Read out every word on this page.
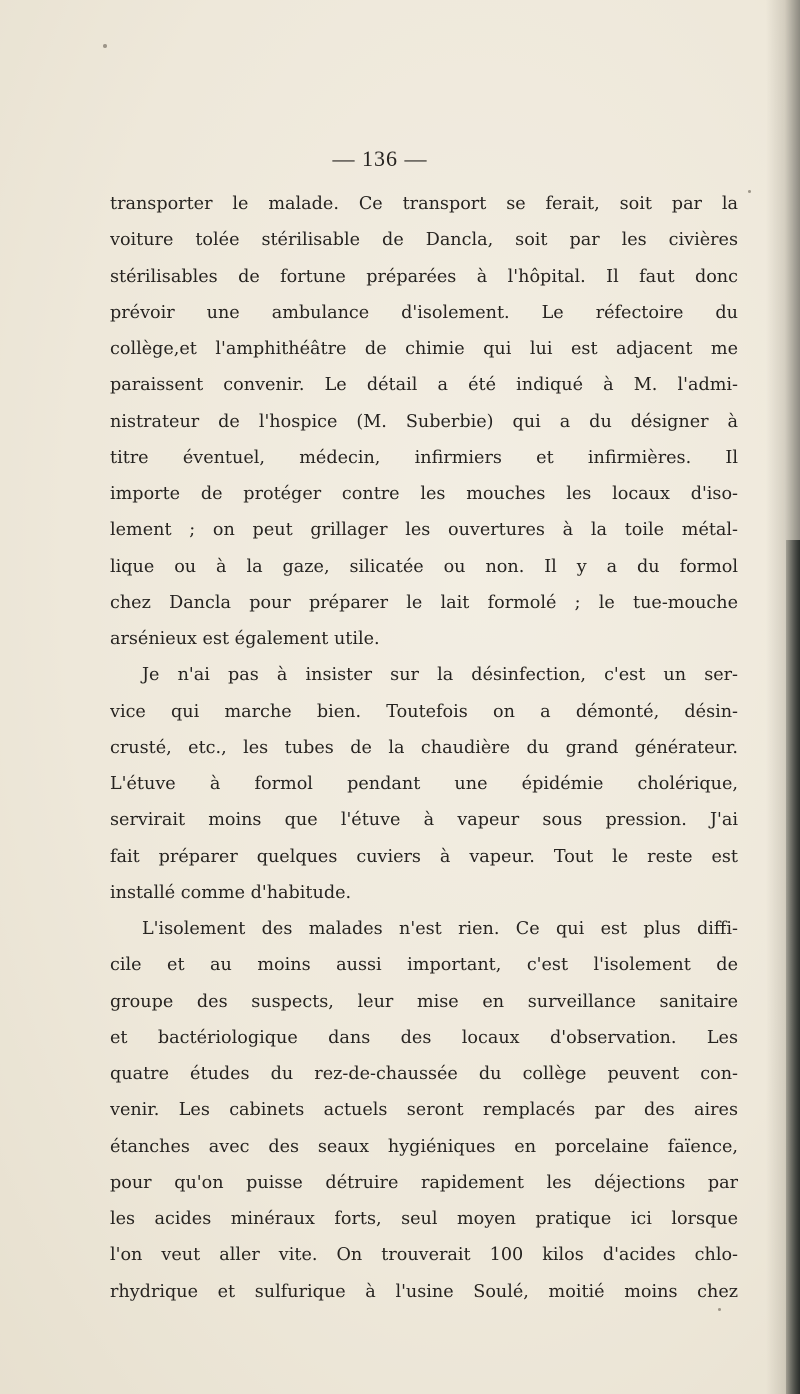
— 136 —
transporter le malade. Ce transport se ferait, soit par la
voiture tolée stérilisable de Dancla, soit par les civières
stérilisables de fortune préparées à l'hôpital. Il faut donc
prévoir une ambulance d'isolement. Le réfectoire du
collège,et l'amphithéâtre de chimie qui lui est adjacent me
paraissent convenir. Le détail a été indiqué à M. l'admi-
nistrateur de l'hospice (M. Suberbie) qui a du désigner à
titre éventuel, médecin, infirmiers et infirmières. Il
importe de protéger contre les mouches les locaux d'iso-
lement ; on peut grillager les ouvertures à la toile métal-
lique ou à la gaze, silicatée ou non. Il y a du formol
chez Dancla pour préparer le lait formolé ; le tue-mouche
arsénieux est également utile.
Je n'ai pas à insister sur la désinfection, c'est un ser-
vice qui marche bien. Toutefois on a démonté, désin-
crusté, etc., les tubes de la chaudière du grand générateur.
L'étuve à formol pendant une épidémie cholérique,
servirait moins que l'étuve à vapeur sous pression. J'ai
fait préparer quelques cuviers à vapeur. Tout le reste est
installé comme d'habitude.
L'isolement des malades n'est rien. Ce qui est plus diffi-
cile et au moins aussi important, c'est l'isolement de
groupe des suspects, leur mise en surveillance sanitaire
et bactériologique dans des locaux d'observation. Les
quatre études du rez-de-chaussée du collège peuvent con-
venir. Les cabinets actuels seront remplacés par des aires
étanches avec des seaux hygiéniques en porcelaine faïence,
pour qu'on puisse détruire rapidement les déjections par
les acides minéraux forts, seul moyen pratique ici lorsque
l'on veut aller vite. On trouverait 100 kilos d'acides chlo-
rhydrique et sulfurique à l'usine Soulé, moitié moins chez
